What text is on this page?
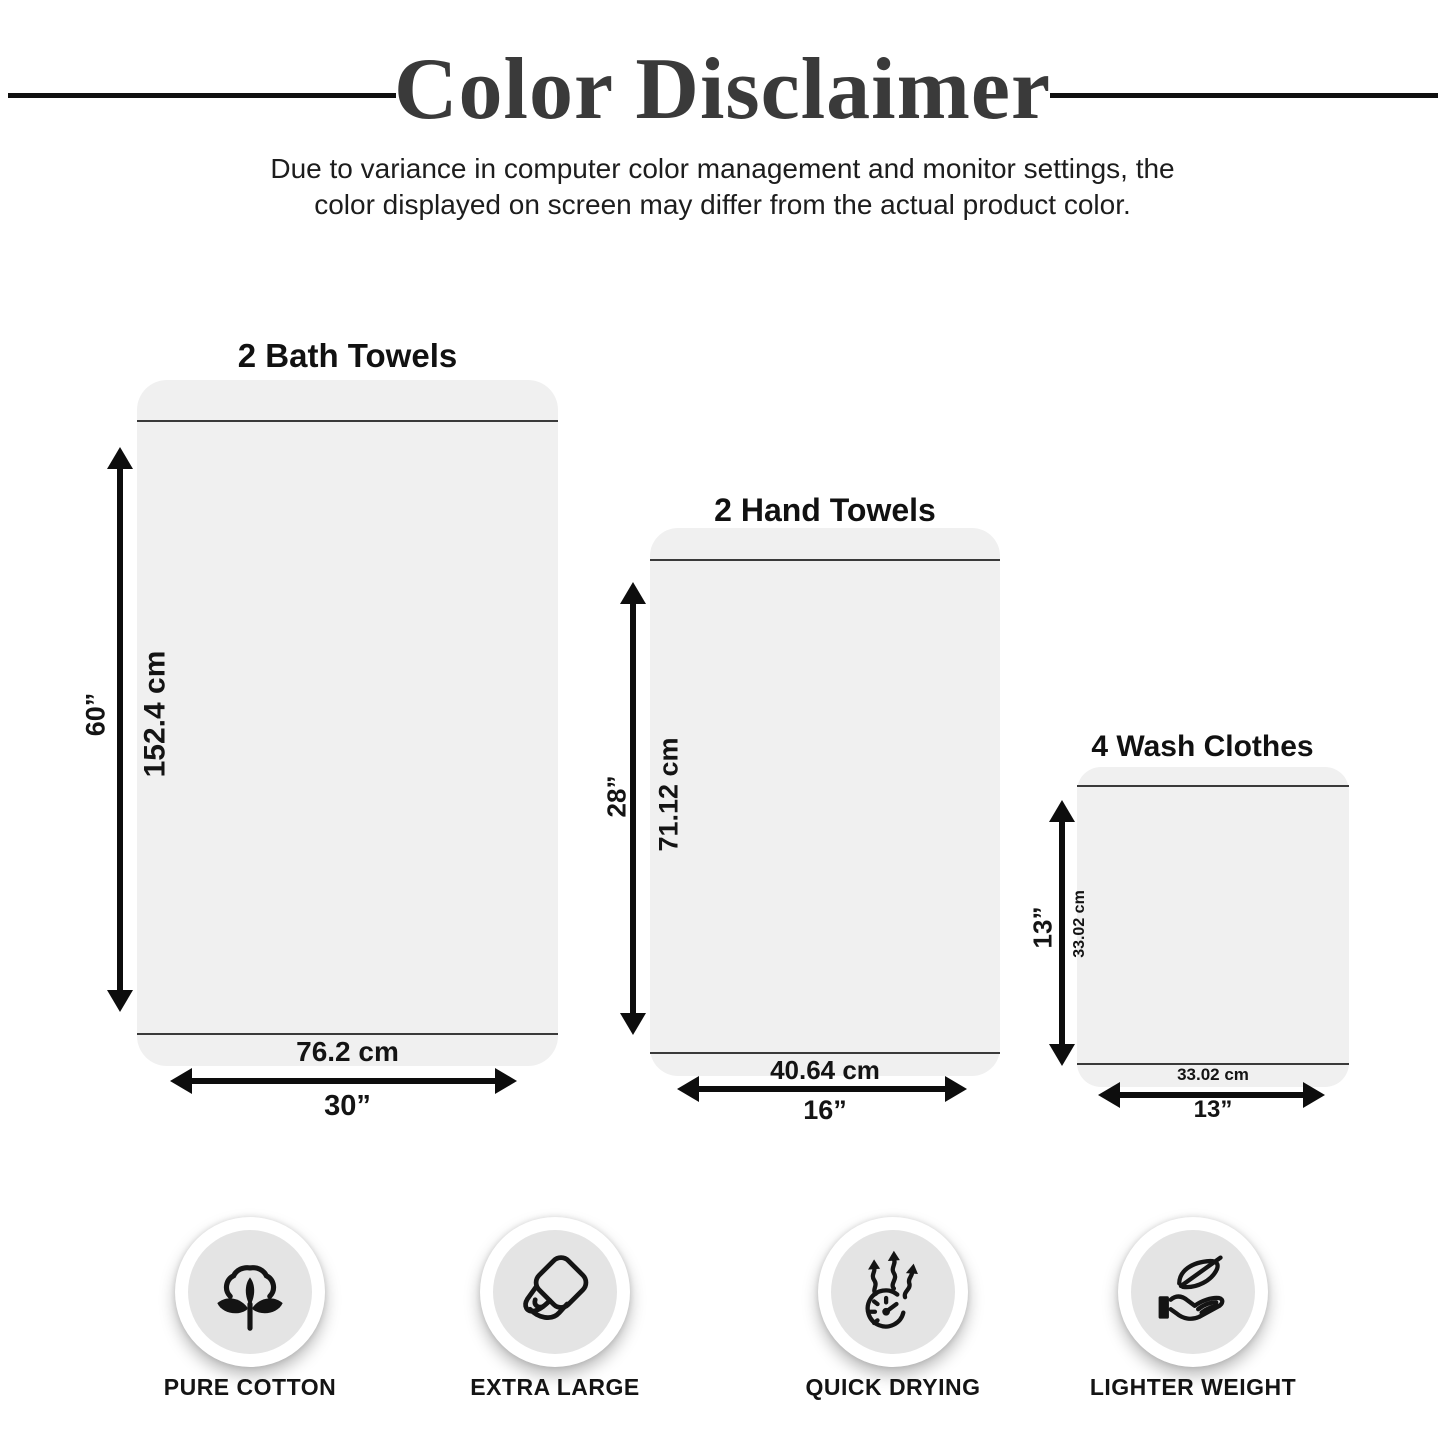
Color Disclaimer
Due to variance in computer color management and monitor settings, the
color displayed on screen may differ from the actual product color.
2 Bath Towels
76.2 cm
60” 152.4 cm
30”
2 Hand Towels
40.64 cm
28” 71.12 cm
16”
4 Wash Clothes
33.02 cm
13” 33.02 cm
13”
PURE COTTON	EXTRA LARGE	QUICK DRYING	LIGHTER WEIGHT
